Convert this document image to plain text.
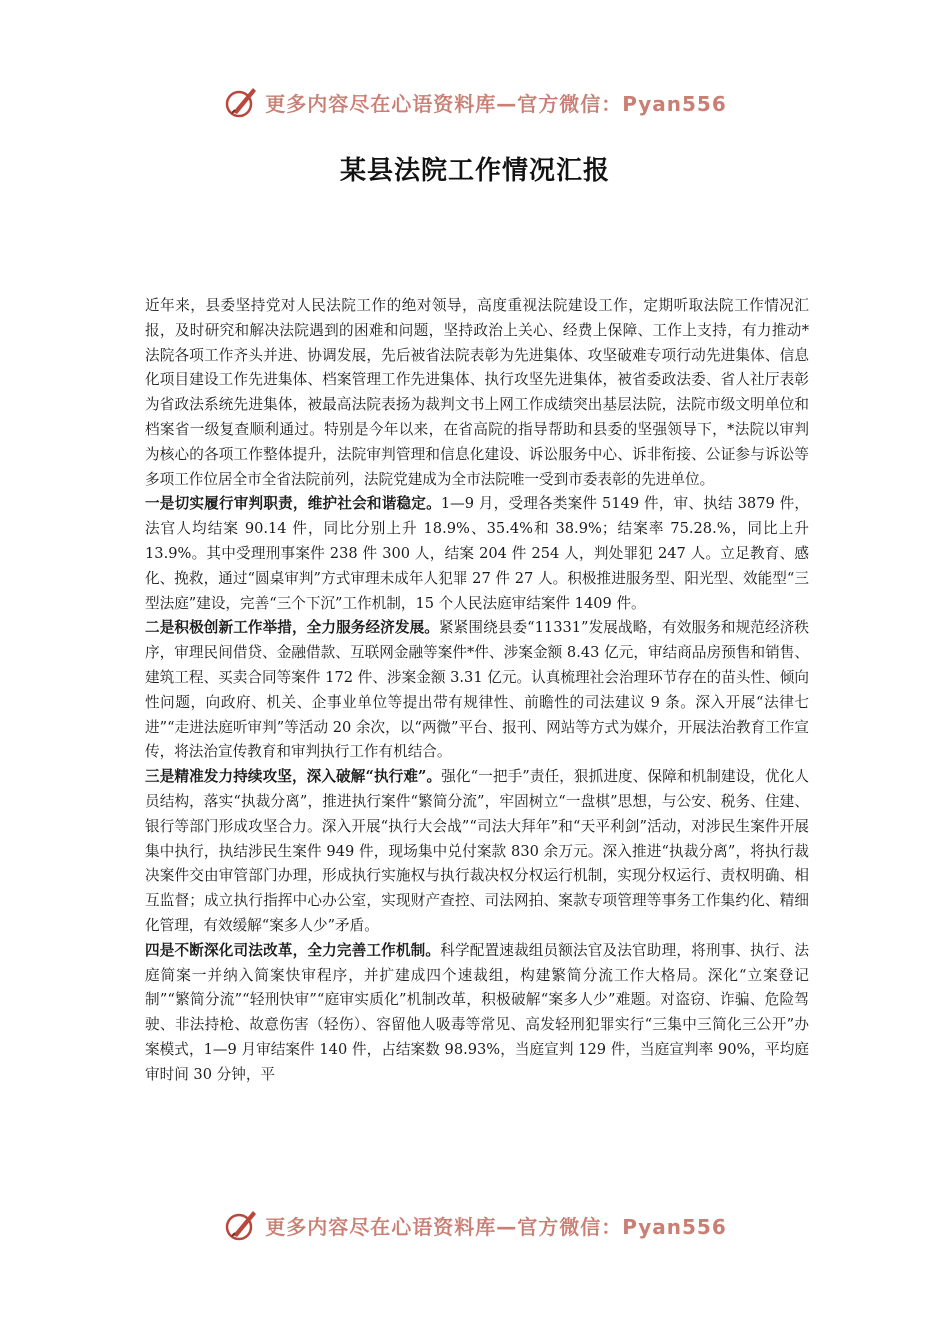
更多内容尽在心语资料库—官方微信：Pyan556
某县法院工作情况汇报

近年来，县委坚持党对人民法院工作的绝对领导，高度重视法院建设工作，定期听取法院工作情况汇报，及时研究和解决法院遇到的困难和问题，坚持政治上关心、经费上保障、工作上支持，有力推动*法院各项工作齐头并进、协调发展，先后被省法院表彰为先进集体、攻坚破难专项行动先进集体、信息化项目建设工作先进集体、档案管理工作先进集体、执行攻坚先进集体，被省委政法委、省人社厅表彰为省政法系统先进集体，被最高法院表扬为裁判文书上网工作成绩突出基层法院，法院市级文明单位和档案省一级复查顺利通过。特别是今年以来，在省高院的指导帮助和县委的坚强领导下，*法院以审判为核心的各项工作整体提升，法院审判管理和信息化建设、诉讼服务中心、诉非衔接、公证参与诉讼等多项工作位居全市全省法院前列，法院党建成为全市法院唯一受到市委表彰的先进单位。

一是切实履行审判职责，维护社会和谐稳定。1—9 月，受理各类案件 5149 件，审、执结 3879 件，法官人均结案 90.14 件，同比分别上升 18.9%、35.4%和 38.9%；结案率 75.28.%，同比上升 13.9%。其中受理刑事案件 238 件 300 人，结案 204 件 254 人，判处罪犯 247 人。立足教育、感化、挽救，通过“圆桌审判”方式审理未成年人犯罪 27 件 27 人。积极推进服务型、阳光型、效能型“三型法庭”建设，完善“三个下沉”工作机制，15 个人民法庭审结案件 1409 件。

二是积极创新工作举措，全力服务经济发展。紧紧围绕县委“11331”发展战略，有效服务和规范经济秩序，审理民间借贷、金融借款、互联网金融等案件*件、涉案金额 8.43 亿元，审结商品房预售和销售、建筑工程、买卖合同等案件 172 件、涉案金额 3.31 亿元。认真梳理社会治理环节存在的苗头性、倾向性问题，向政府、机关、企事业单位等提出带有规律性、前瞻性的司法建议 9 条。深入开展“法律七进”“走进法庭听审判”等活动 20 余次，以“两微”平台、报刊、网站等方式为媒介，开展法治教育工作宣传，将法治宣传教育和审判执行工作有机结合。

三是精准发力持续攻坚，深入破解“执行难”。强化“一把手”责任，狠抓进度、保障和机制建设，优化人员结构，落实“执裁分离”，推进执行案件“繁简分流”，牢固树立“一盘棋”思想，与公安、税务、住建、银行等部门形成攻坚合力。深入开展“执行大会战”“司法大拜年”和“天平利剑”活动，对涉民生案件开展集中执行，执结涉民生案件 949 件，现场集中兑付案款 830 余万元。深入推进“执裁分离”，将执行裁决案件交由审管部门办理，形成执行实施权与执行裁决权分权运行机制，实现分权运行、责权明确、相互监督；成立执行指挥中心办公室，实现财产查控、司法网拍、案款专项管理等事务工作集约化、精细化管理，有效缓解“案多人少”矛盾。

四是不断深化司法改革，全力完善工作机制。科学配置速裁组员额法官及法官助理，将刑事、执行、法庭简案一并纳入简案快审程序，并扩建成四个速裁组，构建繁简分流工作大格局。深化“立案登记制”“繁简分流”“轻刑快审”“庭审实质化”机制改革，积极破解“案多人少”难题。对盗窃、诈骗、危险驾驶、非法持枪、故意伤害（轻伤）、容留他人吸毒等常见、高发轻刑犯罪实行“三集中三简化三公开”办案模式，1—9 月审结案件 140 件，占结案数 98.93%，当庭宣判 129 件，当庭宣判率 90%，平均庭审时间 30 分钟，平

更多内容尽在心语资料库—官方微信：Pyan556
